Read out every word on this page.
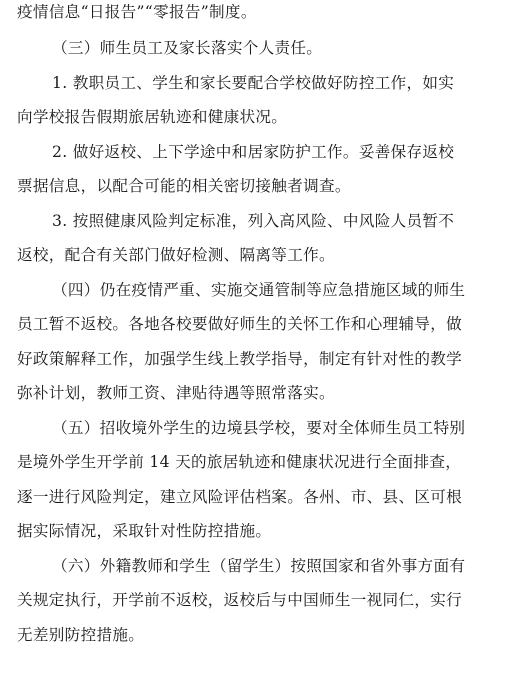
疫情信息“日报告”“零报告”制度。
（三）师生员工及家长落实个人责任。
1. 教职员工、学生和家长要配合学校做好防控工作，如实
向学校报告假期旅居轨迹和健康状况。
2. 做好返校、上下学途中和居家防护工作。妥善保存返校
票据信息，以配合可能的相关密切接触者调查。
3. 按照健康风险判定标准，列入高风险、中风险人员暂不
返校，配合有关部门做好检测、隔离等工作。
（四）仍在疫情严重、实施交通管制等应急措施区域的师生
员工暂不返校。各地各校要做好师生的关怀工作和心理辅导，做
好政策解释工作，加强学生线上教学指导，制定有针对性的教学
弥补计划，教师工资、津贴待遇等照常落实。
（五）招收境外学生的边境县学校，要对全体师生员工特别
是境外学生开学前 14 天的旅居轨迹和健康状况进行全面排查，
逐一进行风险判定，建立风险评估档案。各州、市、县、区可根
据实际情况，采取针对性防控措施。
（六）外籍教师和学生（留学生）按照国家和省外事方面有
关规定执行，开学前不返校，返校后与中国师生一视同仁，实行
无差别防控措施。
